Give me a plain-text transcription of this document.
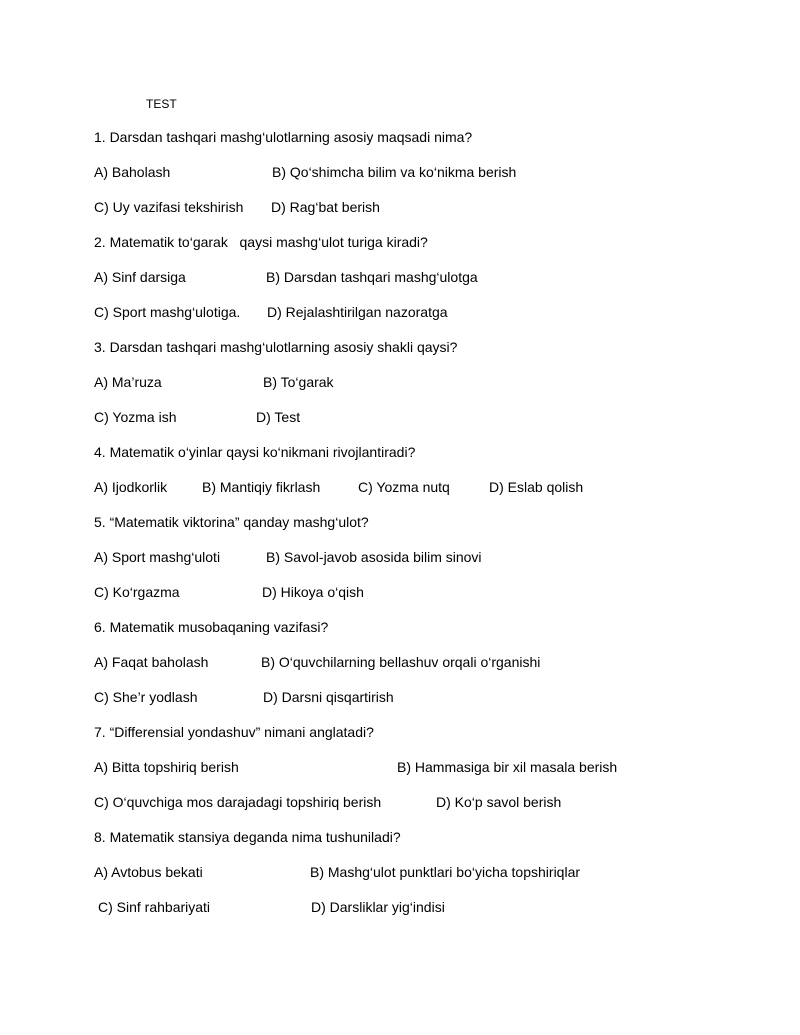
TEST
1. Darsdan tashqari mashg‘ulotlarning asosiy maqsadi nima?

A) Baholash

	B) Qo‘shimcha bilim va ko‘nikma berish

C) Uy vazifasi tekshirish

D) Rag‘bat berish

2. Matematik to‘garak   qaysi mashg‘ulot turiga kiradi?

A) Sinf darsiga

	B) Darsdan tashqari mashg‘ulotga

C) Sport mashg‘ulotiga.

D) Rejalashtirilgan nazoratga

3. Darsdan tashqari mashg‘ulotlarning asosiy shakli qaysi?

A) Ma’ruza

	B) To‘garak

C) Yozma ish

	D) Test

4. Matematik o‘yinlar qaysi ko‘nikmani rivojlantiradi?

A) Ijodkorlik

B) Mantiqiy fikrlash

	C) Yozma nutq

	D) Eslab qolish

5. “Matematik viktorina” qanday mashg‘ulot?

A) Sport mashg‘uloti

	B) Savol-javob asosida bilim sinovi

C) Ko‘rgazma

	D) Hikoya o‘qish

6. Matematik musobaqaning vazifasi?

A) Faqat baholash

	B) O‘quvchilarning bellashuv orqali o‘rganishi

C) She’r yodlash

	D) Darsni qisqartirish

7. “Differensial yondashuv” nimani anglatadi?

A) Bitta topshiriq berish

	B) Hammasiga bir xil masala berish

C) O‘quvchiga mos darajadagi topshiriq berish

	D) Ko‘p savol berish

8. Matematik stansiya deganda nima tushuniladi?

A) Avtobus bekati

	B) Mashg‘ulot punktlari bo‘yicha topshiriqlar

C) Sinf rahbariyati

	D) Darsliklar yig‘indisi
